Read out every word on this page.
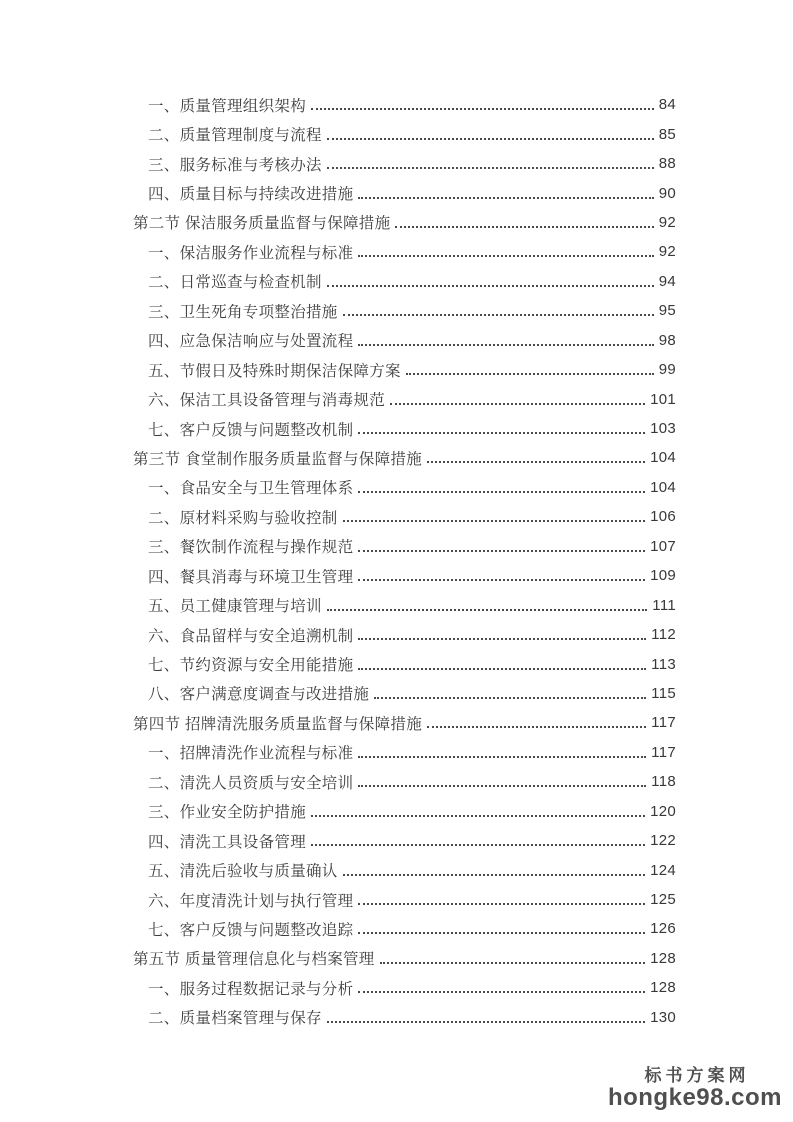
一、质量管理组织架构	84
二、质量管理制度与流程	85
三、服务标准与考核办法	88
四、质量目标与持续改进措施	90
第二节 保洁服务质量监督与保障措施	92
一、保洁服务作业流程与标准	92
二、日常巡查与检查机制	94
三、卫生死角专项整治措施	95
四、应急保洁响应与处置流程	98
五、节假日及特殊时期保洁保障方案	99
六、保洁工具设备管理与消毒规范	101
七、客户反馈与问题整改机制	103
第三节 食堂制作服务质量监督与保障措施	104
一、食品安全与卫生管理体系	104
二、原材料采购与验收控制	106
三、餐饮制作流程与操作规范	107
四、餐具消毒与环境卫生管理	109
五、员工健康管理与培训	111
六、食品留样与安全追溯机制	112
七、节约资源与安全用能措施	113
八、客户满意度调查与改进措施	115
第四节 招牌清洗服务质量监督与保障措施	117
一、招牌清洗作业流程与标准	117
二、清洗人员资质与安全培训	118
三、作业安全防护措施	120
四、清洗工具设备管理	122
五、清洗后验收与质量确认	124
六、年度清洗计划与执行管理	125
七、客户反馈与问题整改追踪	126
第五节 质量管理信息化与档案管理	128
一、服务过程数据记录与分析	128
二、质量档案管理与保存	130
标书方案网
hongke98.com
